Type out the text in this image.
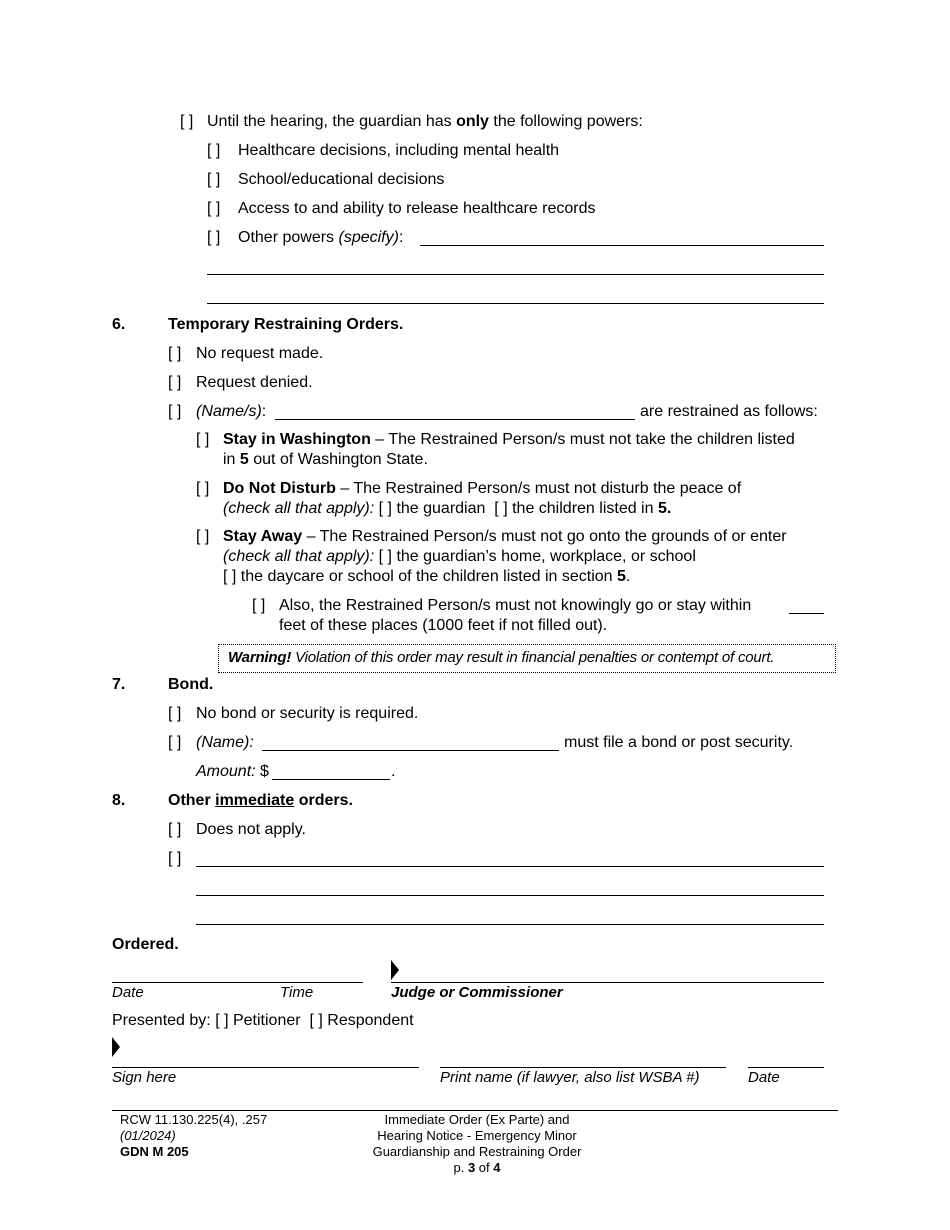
[ ] Until the hearing, the guardian has only the following powers:
[ ] Healthcare decisions, including mental health
[ ] School/educational decisions
[ ] Access to and ability to release healthcare records
[ ] Other powers (specify):
6.	Temporary Restraining Orders.
[ ] No request made.
[ ] Request denied.
[ ] (Name/s):	are restrained as follows:
[ ] Stay in Washington – The Restrained Person/s must not take the children listed
in 5 out of Washington State.
[ ] Do Not Disturb – The Restrained Person/s must not disturb the peace of
(check all that apply): [ ] the guardian [ ] the children listed in 5.
[ ] Stay Away – The Restrained Person/s must not go onto the grounds of or enter
(check all that apply): [ ] the guardian’s home, workplace, or school
[ ] the daycare or school of the children listed in section 5.
[ ] Also, the Restrained Person/s must not knowingly go or stay within
feet of these places (1000 feet if not filled out).
Warning! Violation of this order may result in financial penalties or contempt of court.
7.	Bond.
[ ] No bond or security is required.
[ ] (Name):	must file a bond or post security.
Amount: $	.
8.	Other immediate orders.
[ ] Does not apply.
[ ]
Ordered.
Date	Time	Judge or Commissioner
Presented by: [ ] Petitioner [ ] Respondent
Sign here	Print name (if lawyer, also list WSBA #)	Date
RCW 11.130.225(4), .257
(01/2024)
GDN M 205
Immediate Order (Ex Parte) and
Hearing Notice - Emergency Minor
Guardianship and Restraining Order
p. 3 of 4
